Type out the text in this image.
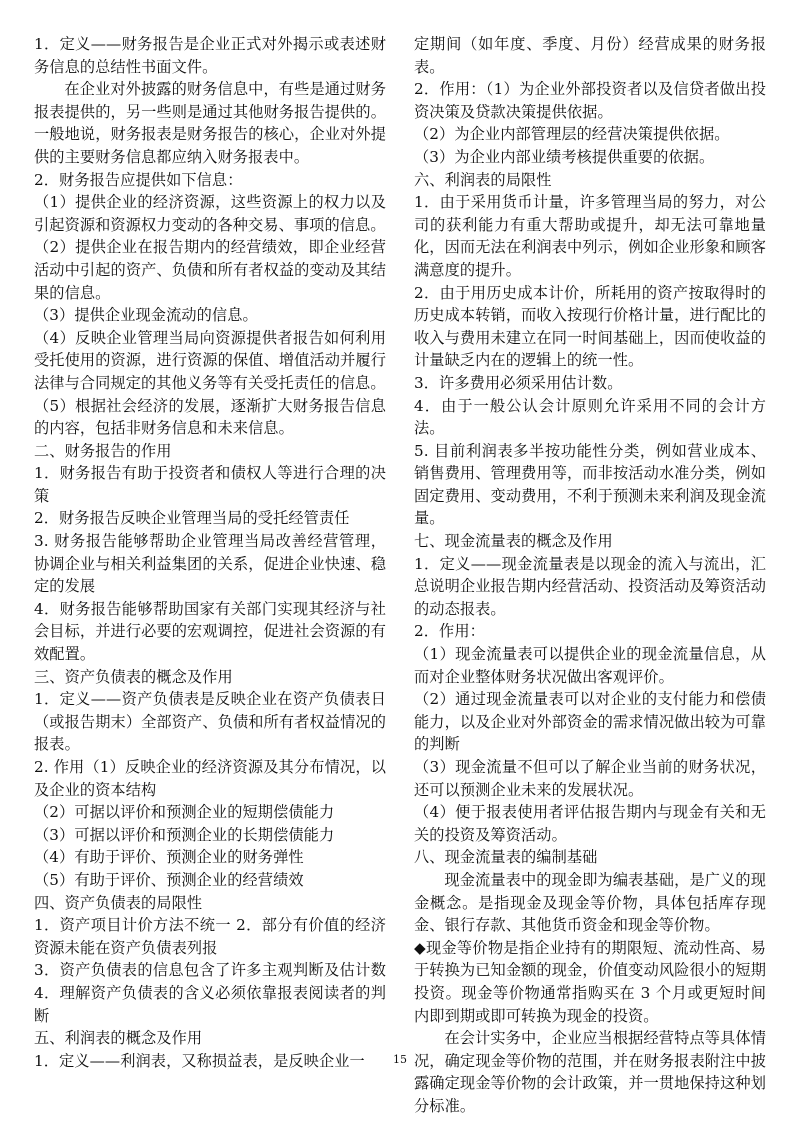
1．定义——财务报告是企业正式对外揭示或表述财务信息的总结性书面文件。

在企业对外披露的财务信息中，有些是通过财务报表提供的，另一些则是通过其他财务报告提供的。一般地说，财务报表是财务报告的核心，企业对外提供的主要财务信息都应纳入财务报表中。

2．财务报告应提供如下信息：

（1）提供企业的经济资源，这些资源上的权力以及引起资源和资源权力变动的各种交易、事项的信息。

（2）提供企业在报告期内的经营绩效，即企业经营活动中引起的资产、负债和所有者权益的变动及其结果的信息。

（3）提供企业现金流动的信息。

（4）反映企业管理当局向资源提供者报告如何利用受托使用的资源，进行资源的保值、增值活动并履行法律与合同规定的其他义务等有关受托责任的信息。

（5）根据社会经济的发展，逐渐扩大财务报告信息的内容，包括非财务信息和未来信息。

二、财务报告的作用

1．财务报告有助于投资者和债权人等进行合理的决策

2．财务报告反映企业管理当局的受托经管责任

3. 财务报告能够帮助企业管理当局改善经营管理，协调企业与相关利益集团的关系，促进企业快速、稳定的发展

4．财务报告能够帮助国家有关部门实现其经济与社会目标，并进行必要的宏观调控，促进社会资源的有效配置。

三、资产负债表的概念及作用

1．定义——资产负债表是反映企业在资产负债表日（或报告期末）全部资产、负债和所有者权益情况的报表。

2. 作用（1）反映企业的经济资源及其分布情况，以及企业的资本结构

（2）可据以评价和预测企业的短期偿债能力

（3）可据以评价和预测企业的长期偿债能力

（4）有助于评价、预测企业的财务弹性

（5）有助于评价、预测企业的经营绩效

四、资产负债表的局限性

1．资产项目计价方法不统一 2．部分有价值的经济资源未能在资产负债表列报

3．资产负债表的信息包含了许多主观判断及估计数 4．理解资产负债表的含义必须依靠报表阅读者的判断

五、利润表的概念及作用

1．定义——利润表，又称损益表，是反映企业一

定期间（如年度、季度、月份）经营成果的财务报表。

2．作用：（1）为企业外部投资者以及信贷者做出投资决策及贷款决策提供依据。

（2）为企业内部管理层的经营决策提供依据。

（3）为企业内部业绩考核提供重要的依据。

六、利润表的局限性

1．由于采用货币计量，许多管理当局的努力，对公司的获利能力有重大帮助或提升，却无法可靠地量化，因而无法在利润表中列示，例如企业形象和顾客满意度的提升。

2．由于用历史成本计价，所耗用的资产按取得时的历史成本转销，而收入按现行价格计量，进行配比的收入与费用未建立在同一时间基础上，因而使收益的计量缺乏内在的逻辑上的统一性。

3．许多费用必须采用估计数。

4．由于一般公认会计原则允许采用不同的会计方法。

5. 目前利润表多半按功能性分类，例如营业成本、销售费用、管理费用等，而非按活动水准分类，例如固定费用、变动费用，不利于预测未来利润及现金流量。

七、现金流量表的概念及作用

1．定义——现金流量表是以现金的流入与流出，汇总说明企业报告期内经营活动、投资活动及筹资活动的动态报表。

2．作用：

（1）现金流量表可以提供企业的现金流量信息，从而对企业整体财务状况做出客观评价。

（2）通过现金流量表可以对企业的支付能力和偿债能力，以及企业对外部资金的需求情况做出较为可靠的判断

（3）现金流量不但可以了解企业当前的财务状况，还可以预测企业未来的发展状况。

（4）便于报表使用者评估报告期内与现金有关和无关的投资及筹资活动。

八、现金流量表的编制基础

现金流量表中的现金即为编表基础，是广义的现金概念。是指现金及现金等价物，具体包括库存现金、银行存款、其他货币资金和现金等价物。

◆现金等价物是指企业持有的期限短、流动性高、易于转换为已知金额的现金，价值变动风险很小的短期投资。现金等价物通常指购买在 3 个月或更短时间内即到期或即可转换为现金的投资。

在会计实务中，企业应当根据经营特点等具体情况，确定现金等价物的范围，并在财务报表附注中披露确定现金等价物的会计政策，并一贯地保持这种划分标准。

15
